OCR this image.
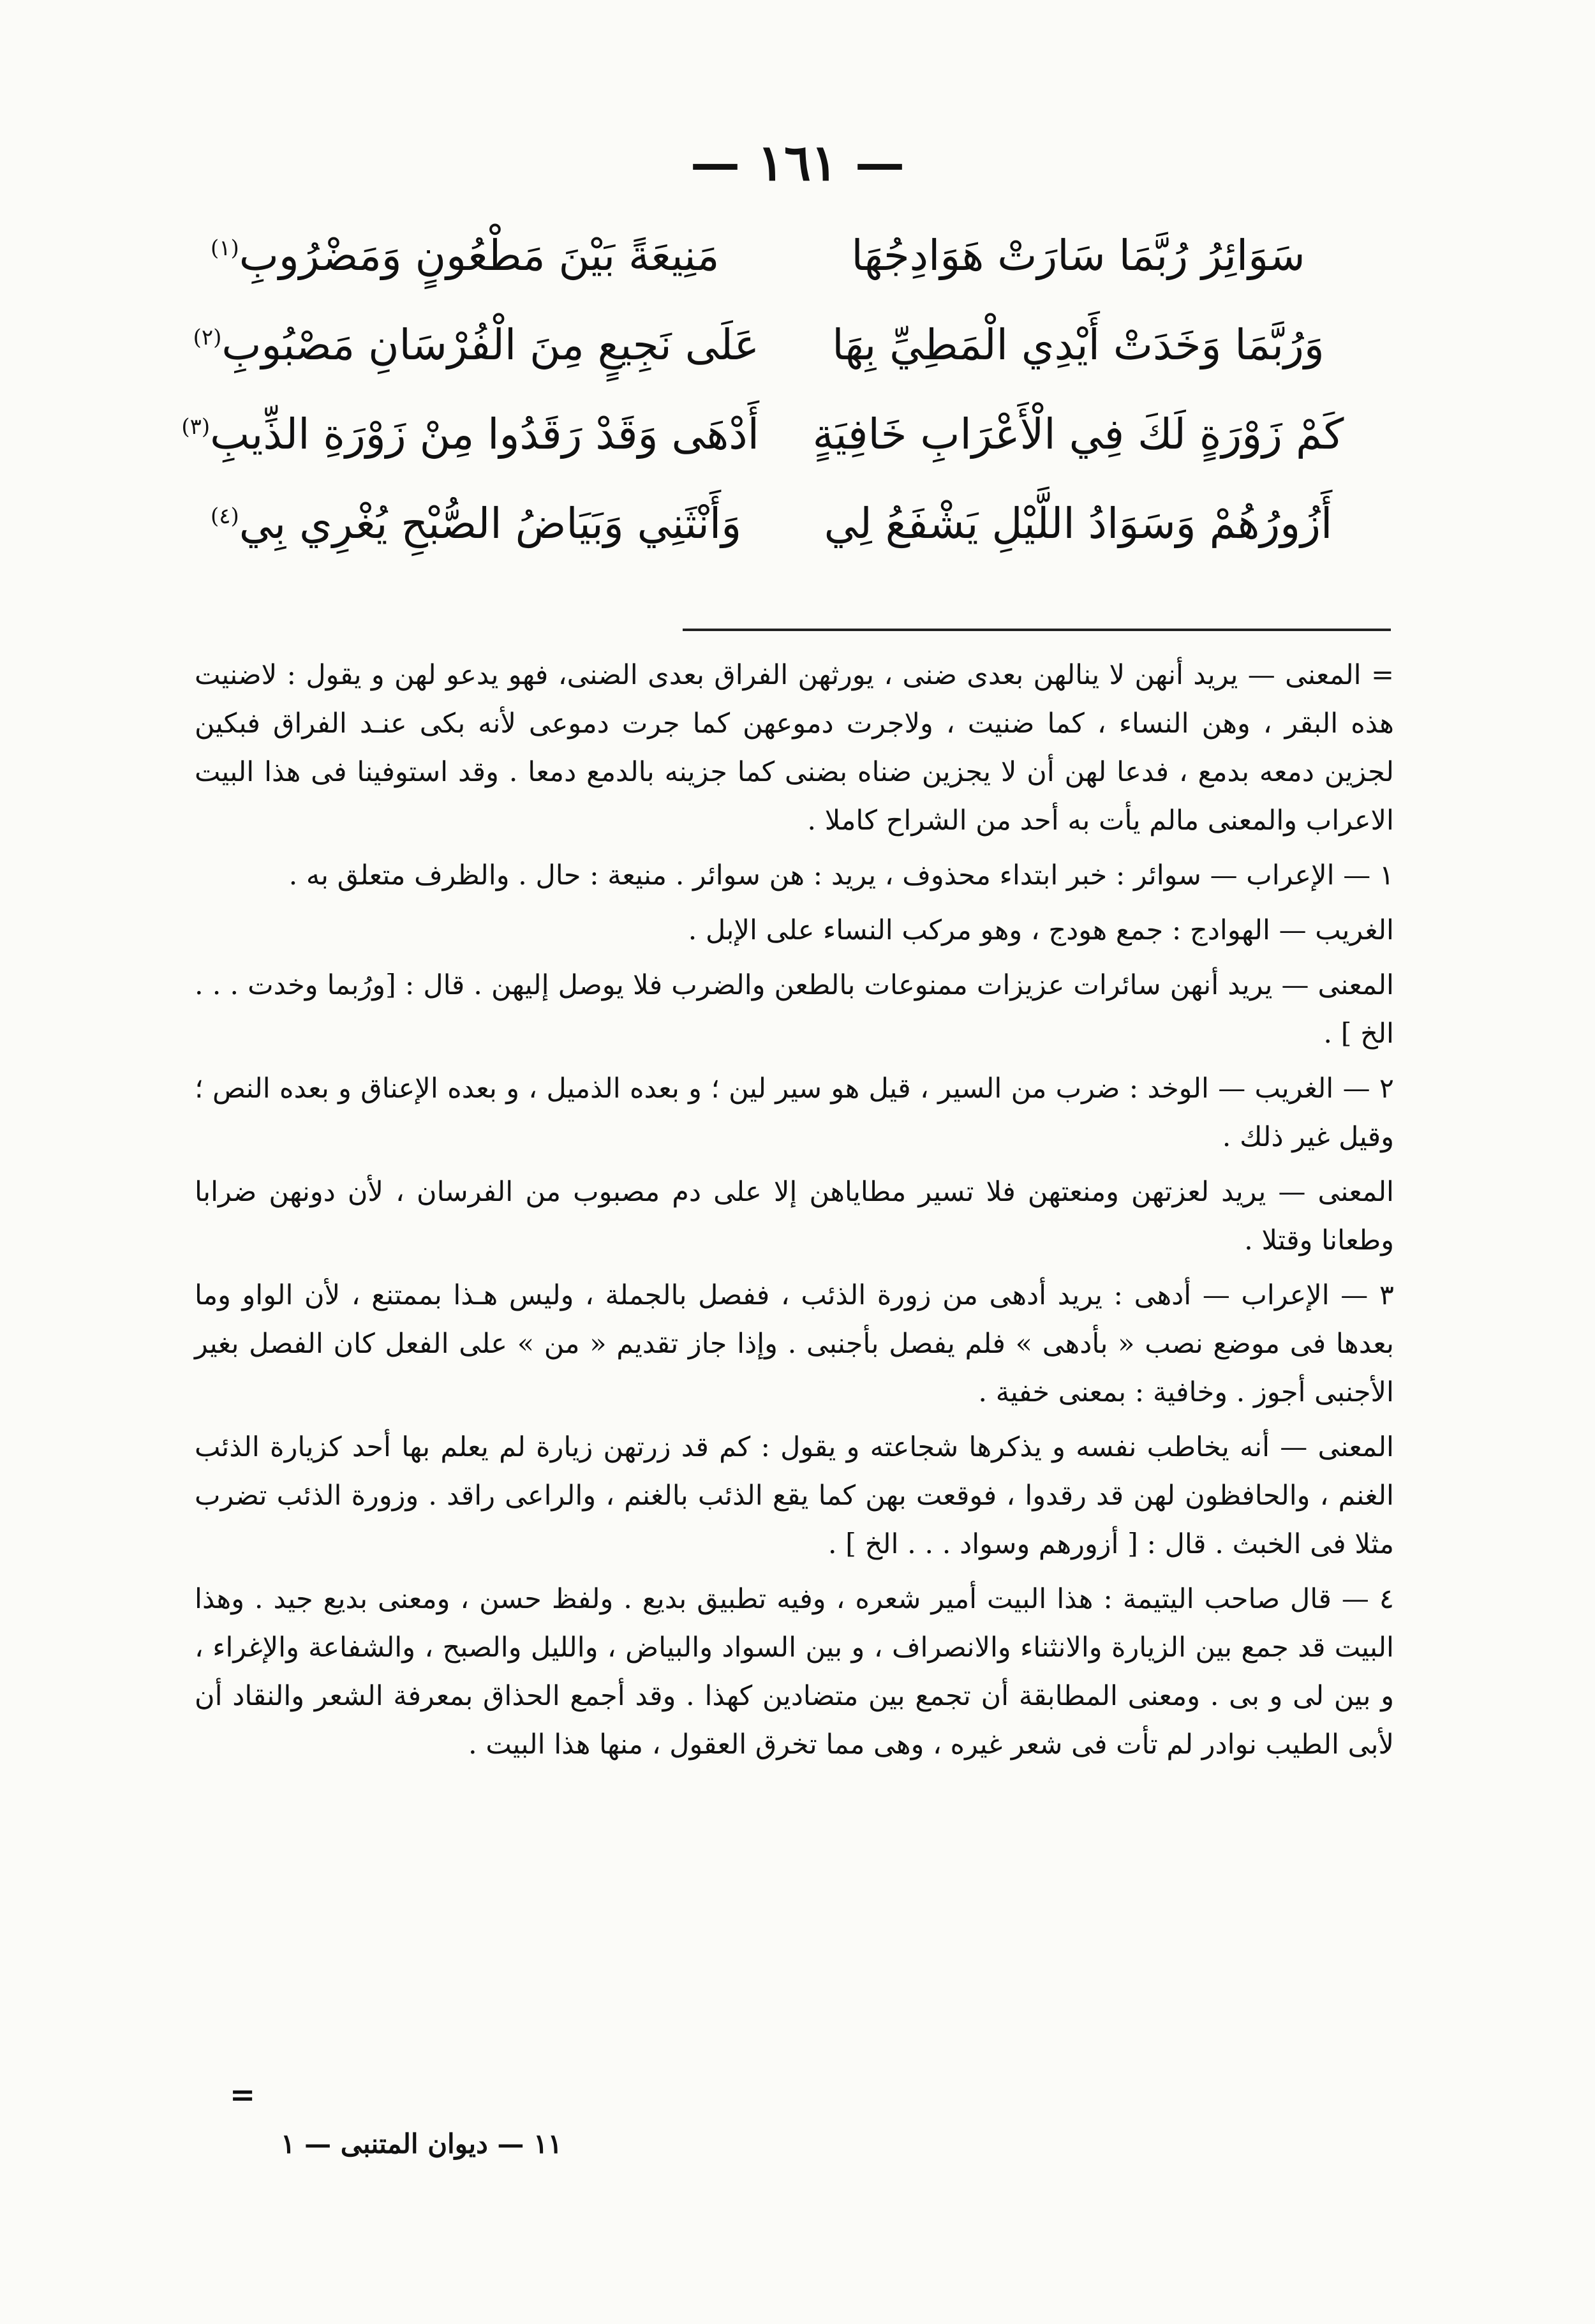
— ١٦١ —
سَوَائِرُ رُبَّمَا سَارَتْ هَوَادِجُهَا
مَنِيعَةً بَيْنَ مَطْعُونٍ وَمَضْرُوبِ$^{(١)}$
وَرُبَّمَا وَخَدَتْ أَيْدِي الْمَطِيِّ بِهَا
عَلَى نَجِيعٍ مِنَ الْفُرْسَانِ مَصْبُوبِ$^{(٢)}$
كَمْ زَوْرَةٍ لَكَ فِي الْأَعْرَابِ خَافِيَةٍ
أَدْهَى وَقَدْ رَقَدُوا مِنْ زَوْرَةِ الذِّيبِ$^{(٣)}$
أَزُورُهُمْ وَسَوَادُ اللَّيْلِ يَشْفَعُ لِي
وَأَنْثَنِي وَبَيَاضُ الصُّبْحِ يُغْرِي بِي$^{(٤)}$

= المعنى — يريد أنهن لا ينالهن بعدى ضنى ، يورثهن الفراق بعدى الضنى، فهو يدعو لهن و يقول : لاضنيت هذه البقر ، وهن النساء ، كما ضنيت ، ولاجرت دموعهن كما جرت دموعى لأنه بكى عنـد الفراق فبكين لجزين دمعه بدمع ، فدعا لهن أن لا يجزين ضناه بضنى كما جزينه بالدمع دمعا . وقد استوفينا فى هذا البيت الاعراب والمعنى مالم يأت به أحد من الشراح كاملا .

١ — الإعراب — سوائر : خبر ابتداء محذوف ، يريد : هن سوائر . منيعة : حال . والظرف متعلق به .

الغريب — الهوادج : جمع هودج ، وهو مركب النساء على الإبل .

المعنى — يريد أنهن سائرات عزيزات ممنوعات بالطعن والضرب فلا يوصل إليهن . قال : [ورُبما وخدت . . . الخ ] .

٢ — الغريب — الوخد : ضرب من السير ، قيل هو سير لين ؛ و بعده الذميل ، و بعده الإعناق و بعده النص ؛ وقيل غير ذلك .

المعنى — يريد لعزتهن ومنعتهن فلا تسير مطاياهن إلا على دم مصبوب من الفرسان ، لأن دونهن ضرابا وطعانا وقتلا .

٣ — الإعراب — أدهى : يريد أدهى من زورة الذئب ، ففصل بالجملة ، وليس هـذا بممتنع ، لأن الواو وما بعدها فى موضع نصب « بأدهى » فلم يفصل بأجنبى . وإذا جاز تقديم « من » على الفعل كان الفصل بغير الأجنبى أجوز . وخافية : بمعنى خفية .

المعنى — أنه يخاطب نفسه و يذكرها شجاعته و يقول : كم قد زرتهن زيارة لم يعلم بها أحد كزيارة الذئب الغنم ، والحافظون لهن قد رقدوا ، فوقعت بهن كما يقع الذئب بالغنم ، والراعى راقد . وزورة الذئب تضرب مثلا فى الخبث . قال : [ أزورهم وسواد . . . الخ ] .

٤ — قال صاحب اليتيمة : هذا البيت أمير شعره ، وفيه تطبيق بديع . ولفظ حسن ، ومعنى بديع جيد . وهذا البيت قد جمع بين الزيارة والانثناء والانصراف ، و بين السواد والبياض ، والليل والصبح ، والشفاعة والإغراء ، و بين لى و بى . ومعنى المطابقة أن تجمع بين متضادين كهذا . وقد أجمع الحذاق بمعرفة الشعر والنقاد أن لأبى الطيب نوادر لم تأت فى شعر غيره ، وهى مما تخرق العقول ، منها هذا البيت .

=
١١ — ديوان المتنبى — ١
